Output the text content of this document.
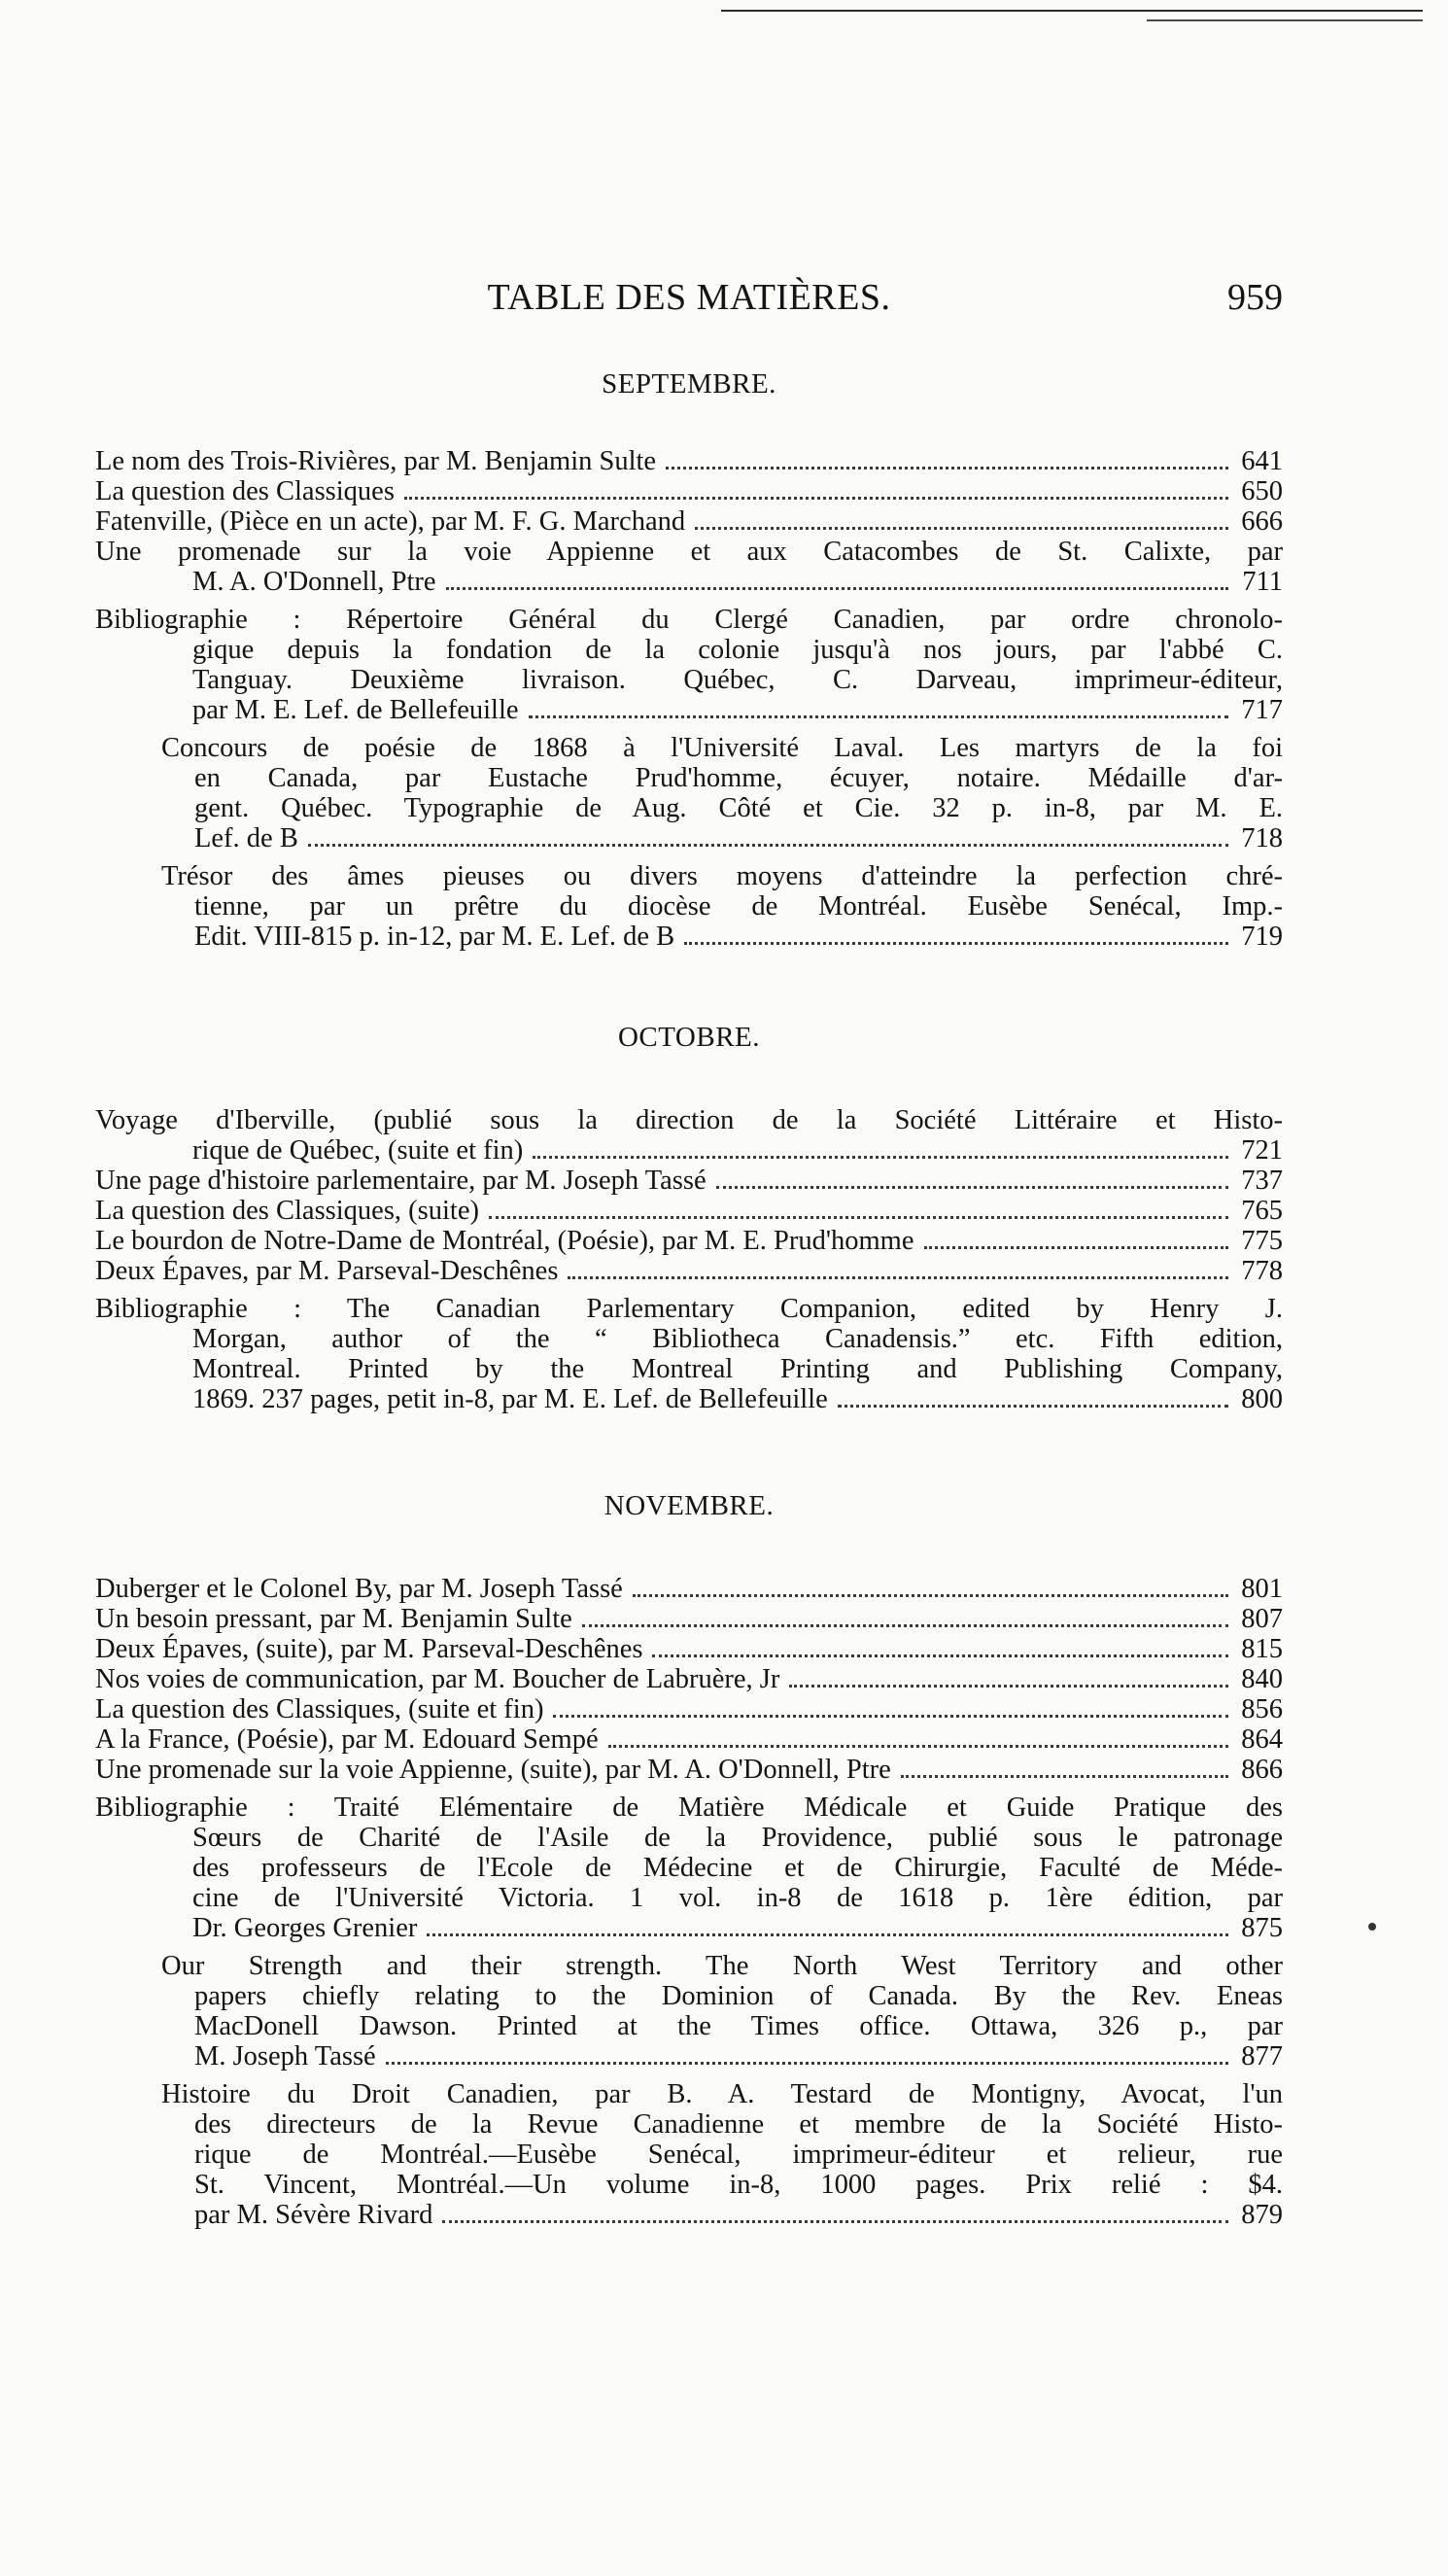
TABLE DES MATIÈRES.	959
SEPTEMBRE.
Le nom des Trois-Rivières, par M. Benjamin Sulte	641
La question des Classiques	650
Fatenville, (Pièce en un acte), par M. F. G. Marchand	666
Une promenade sur la voie Appienne et aux Catacombes de St. Calixte, par
M. A. O'Donnell, Ptre	711
Bibliographie : Répertoire Général du Clergé Canadien, par ordre chronolo-
gique depuis la fondation de la colonie jusqu'à nos jours, par l'abbé C.
Tanguay. Deuxième livraison. Québec, C. Darveau, imprimeur-éditeur,
par M. E. Lef. de Bellefeuille	717
Concours de poésie de 1868 à l'Université Laval. Les martyrs de la foi
en Canada, par Eustache Prud'homme, écuyer, notaire. Médaille d'ar-
gent. Québec. Typographie de Aug. Côté et Cie. 32 p. in-8, par M. E.
Lef. de B	718
Trésor des âmes pieuses ou divers moyens d'atteindre la perfection chré-
tienne, par un prêtre du diocèse de Montréal. Eusèbe Senécal, Imp.-
Edit. VIII-815 p. in-12, par M. E. Lef. de B	719
OCTOBRE.
Voyage d'Iberville, (publié sous la direction de la Société Littéraire et Histo-
rique de Québec, (suite et fin)	721
Une page d'histoire parlementaire, par M. Joseph Tassé	737
La question des Classiques, (suite)	765
Le bourdon de Notre-Dame de Montréal, (Poésie), par M. E. Prud'homme	775
Deux Épaves, par M. Parseval-Deschênes	778
Bibliographie : The Canadian Parlementary Companion, edited by Henry J.
Morgan, author of the “ Bibliotheca Canadensis.” etc. Fifth edition,
Montreal. Printed by the Montreal Printing and Publishing Company,
1869. 237 pages, petit in-8, par M. E. Lef. de Bellefeuille	800
NOVEMBRE.
Duberger et le Colonel By, par M. Joseph Tassé	801
Un besoin pressant, par M. Benjamin Sulte	807
Deux Épaves, (suite), par M. Parseval-Deschênes	815
Nos voies de communication, par M. Boucher de Labruère, Jr	840
La question des Classiques, (suite et fin)	856
A la France, (Poésie), par M. Edouard Sempé	864
Une promenade sur la voie Appienne, (suite), par M. A. O'Donnell, Ptre	866
Bibliographie : Traité Elémentaire de Matière Médicale et Guide Pratique des
Sœurs de Charité de l'Asile de la Providence, publié sous le patronage
des professeurs de l'Ecole de Médecine et de Chirurgie, Faculté de Méde-
cine de l'Université Victoria. 1 vol. in-8 de 1618 p. 1ère édition, par
Dr. Georges Grenier	875
Our Strength and their strength. The North West Territory and other
papers chiefly relating to the Dominion of Canada. By the Rev. Eneas
MacDonell Dawson. Printed at the Times office. Ottawa, 326 p., par
M. Joseph Tassé	877
Histoire du Droit Canadien, par B. A. Testard de Montigny, Avocat, l'un
des directeurs de la Revue Canadienne et membre de la Société Histo-
rique de Montréal.—Eusèbe Senécal, imprimeur-éditeur et relieur, rue
St. Vincent, Montréal.—Un volume in-8, 1000 pages. Prix relié : $4.
par M. Sévère Rivard	879
